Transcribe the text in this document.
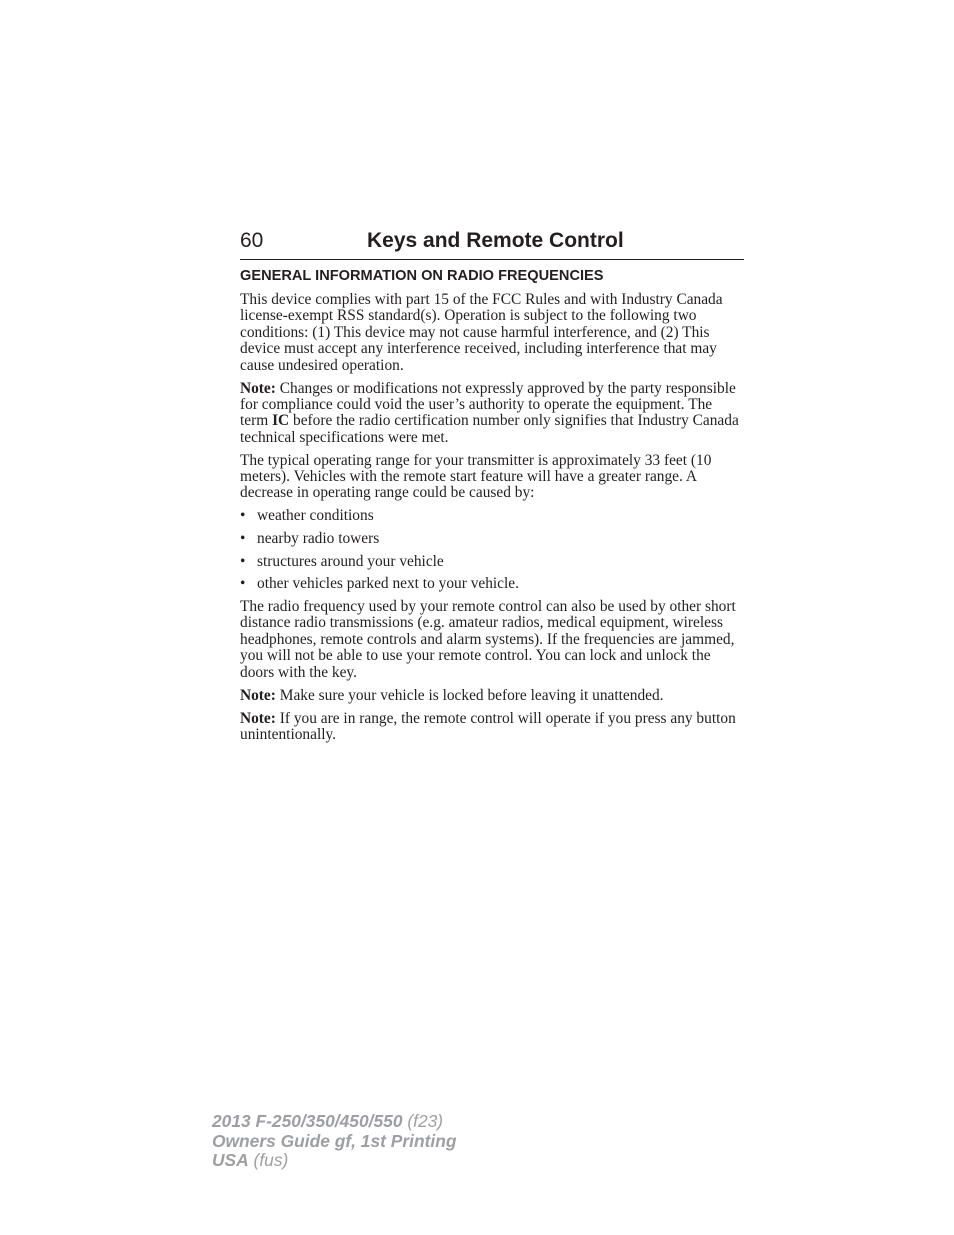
60	Keys and Remote Control
GENERAL INFORMATION ON RADIO FREQUENCIES

This device complies with part 15 of the FCC Rules and with Industry Canada license-exempt RSS standard(s). Operation is subject to the following two conditions: (1) This device may not cause harmful interference, and (2) This device must accept any interference received, including interference that may cause undesired operation.

Note: Changes or modifications not expressly approved by the party responsible for compliance could void the user’s authority to operate the equipment. The term IC before the radio certification number only signifies that Industry Canada technical specifications were met.

The typical operating range for your transmitter is approximately 33 feet (10 meters). Vehicles with the remote start feature will have a greater range. A decrease in operating range could be caused by:

• weather conditions
• nearby radio towers
• structures around your vehicle
• other vehicles parked next to your vehicle.

The radio frequency used by your remote control can also be used by other short distance radio transmissions (e.g. amateur radios, medical equipment, wireless headphones, remote controls and alarm systems). If the frequencies are jammed, you will not be able to use your remote control. You can lock and unlock the doors with the key.

Note: Make sure your vehicle is locked before leaving it unattended.

Note: If you are in range, the remote control will operate if you press any button unintentionally.

2013 F-250/350/450/550 (f23)
Owners Guide gf, 1st Printing
USA (fus)
